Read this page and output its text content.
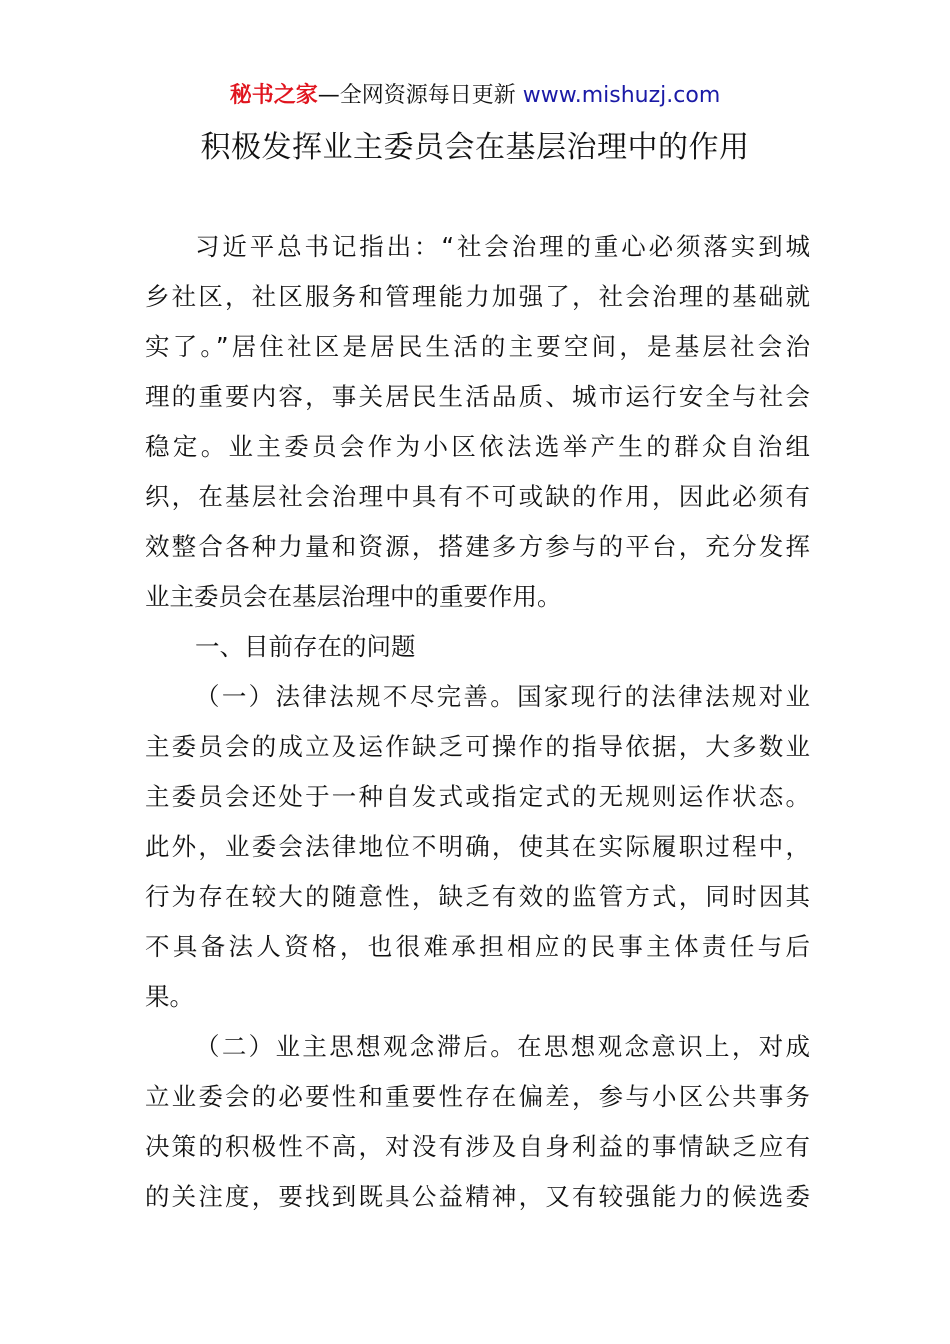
秘书之家—全网资源每日更新 www.mishuzj.com
积极发挥业主委员会在基层治理中的作用
习近平总书记指出：“社会治理的重心必须落实到城
乡社区，社区服务和管理能力加强了，社会治理的基础就
实了。”居住社区是居民生活的主要空间，是基层社会治
理的重要内容，事关居民生活品质、城市运行安全与社会
稳定。业主委员会作为小区依法选举产生的群众自治组
织，在基层社会治理中具有不可或缺的作用，因此必须有
效整合各种力量和资源，搭建多方参与的平台，充分发挥
业主委员会在基层治理中的重要作用。
一、目前存在的问题
（一）法律法规不尽完善。国家现行的法律法规对业
主委员会的成立及运作缺乏可操作的指导依据，大多数业
主委员会还处于一种自发式或指定式的无规则运作状态。
此外，业委会法律地位不明确，使其在实际履职过程中，
行为存在较大的随意性，缺乏有效的监管方式，同时因其
不具备法人资格，也很难承担相应的民事主体责任与后
果。
（二）业主思想观念滞后。在思想观念意识上，对成
立业委会的必要性和重要性存在偏差，参与小区公共事务
决策的积极性不高，对没有涉及自身利益的事情缺乏应有
的关注度，要找到既具公益精神，又有较强能力的候选委
